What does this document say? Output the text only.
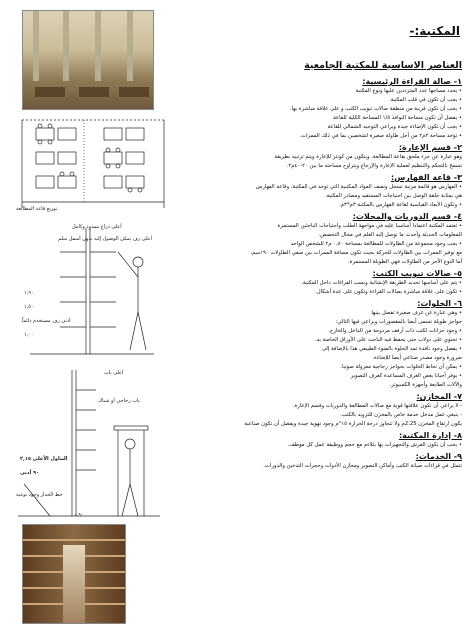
المكتبة:-
توزيع قاعة المطالعة
أعلى ذراع ممدود وكامل
أعلى رف يمكن الوصول إليه بدون أسفل سلم
١,٩٠
١,٥٠
أدنى رف مستخدم دائماً
١,٠٠
أعلى باب
باب زجاجي أو شباك
التناول الأعلى ٢,١٥
٩٠ أدنى
خط الجدار وجود نوعية
٠,٩٠
العناصر الاساسية للمكتبة الجامعية
١- صالة القراءة الرئيسية:
• يحدد مساحها عدد المترددين عليها ونوع المكتبة
• يجب أن تكون في قلب المكتبة.
• يجب أن تكون قريبة من منطقة صالات تبويب الكتب و على علاقة مباشرة بها.
• يفضل أن تكون مساحة النوافذ ١/٥ المساحة الكلية للقاعة
• يجب أن تكون الإضاءة جيدة ويراعي التوجيه الشمالي للقاعة
• تؤخذ مساحة ٢م٢ من أجل طاولة صغيرة لشخصين بما في ذلك الممرات.
٢- قسم الإعارة:
وهو عبارة عن جزء ملحق بقاعة المطالعة، ويتكون من كونتر للإعارة ويتم ترتيبه بطريقة
تسمح بالتحكم والتنظيم لعملية الإعارة والإرجاع ويتراوح مساحته ما بين ٢٠-٤٠م٢.
٣- قاعة الفهارس:
• الفهارس هو قائمة مرتبة تسجل وتصف المواد المكتبية التي توجد في المكتبة، وقاعة الفهارس
هي بمثابة حلقة الوصل بين احتياجات المستفيد ومصادر المكتبة.
• وتكون الأبعاد القياسية لقاعة الفهارس بالمكتبة ٣م*٣م.
٤- قسم الدوريات والمجلات:
• تعتمد المكتبة اعتمادا أساسيا عليه في مواجهة الطلب واحتياجات الباحثين المستمرة
للمعلومات الحديثة وأحدث ما توصل إليه العلم في مجال التخصص.
• يجب وجود مجموعة من الطاولات للمطالعة بمساحة ٠,٨٠ م٢ للشخص الواحد
مع توفير الممرات بين الطاولات للحركة بحيث تكون مسافة الممرات بين صفي الطاولات ١٩٠سم،
أما النوع الآخر من الطاولات فهي الطويلة المستمرة.
٥- صالات تبويب الكتب:
• يتم على أساسها تحديد الطريقة الإنشائية ونسب الفراغات داخل المكتبة.
• تكون على علاقة مباشرة بصالات القراءة وتكون على عدة أشكال.
٦- الخلوات:
• وهي عبارة عن غرف صغيرة تفصل بينها
حواجز طويلة تسمى أيضا بالمقصورات ويراعي فيها التالي:
• وجود حزانات لكتب ذات أرفف مزدوجة من الداخل والخارج.
• تحتوي على دولاب حتى يحفظ فيه الباحث على الأوراق الخاصة به.
• يفضل وجود نافذة تمد الخلوة بالضوء الطبيعي هذا بالإضافة إلى
ضرورة وجود مصدر صناعي أيضا للإضاءة.
• يمكن أن تحاط الخلوات بحواجز زجاجية معزولة صوتيا.
• يوفر أحيانا بعض الغرف المساعدة كغرف التصوير
والآلات الطابعة وأجهزة الكمبيوتر.
٧- المخازن:
- لا يراعي أن تكون علاقتها قوية مع صالات المطالعة والدوريات وقسم الإعارة.
- ينبغي عمل مدخل خدمة خاص بالمخزن للتزويد بالكتب.
يكون ارتفاع المخزن 2.25م ولا تتجاوز درجة الحرارة ١٥°م وجود تهوية جيدة ويفضل أن تكون صناعية
٨- إدارة المكتبة:
• يجب أن يكون الفرش والتجهيزات بها بتلاءم مع حجم ووظيفة عمل كل موظف.
٩- الخدمات:
تتمثل في قراءات صيانة الكتب وأماكن التصوير ومخازن الأدوات وحجرات التدخين والدورات.
